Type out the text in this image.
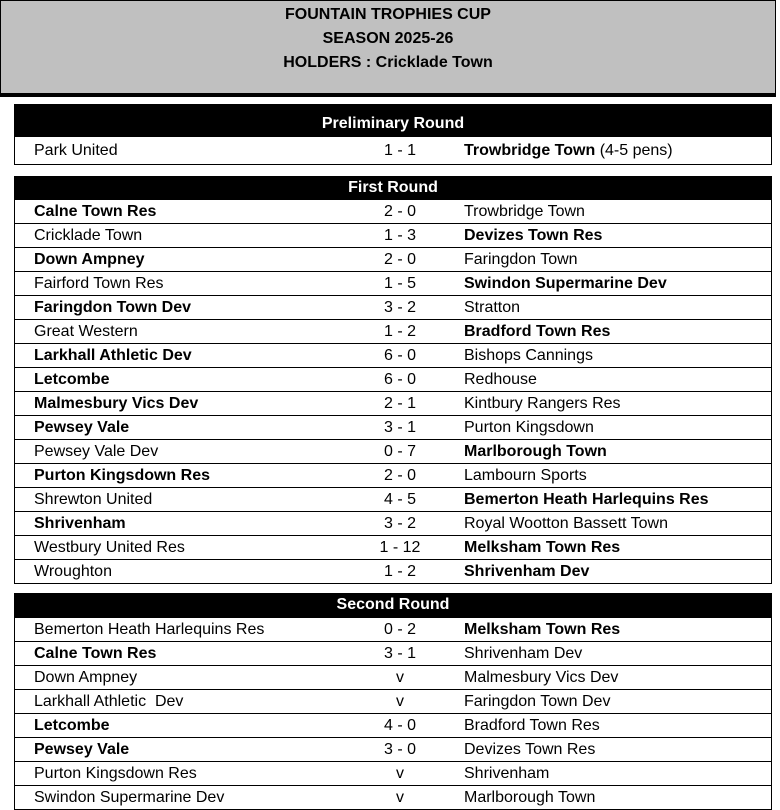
FOUNTAIN TROPHIES CUP
SEASON 2025-26
HOLDERS : Cricklade Town
Preliminary Round
Park United	1 - 1	Trowbridge Town (4-5 pens)
First Round
Calne Town Res	2 - 0	Trowbridge Town
Cricklade Town	1 - 3	Devizes Town Res
Down Ampney	2 - 0	Faringdon Town
Fairford Town Res	1 - 5	Swindon Supermarine Dev
Faringdon Town Dev	3 - 2	Stratton
Great Western	1 - 2	Bradford Town Res
Larkhall Athletic Dev	6 - 0	Bishops Cannings
Letcombe	6 - 0	Redhouse
Malmesbury Vics Dev	2 - 1	Kintbury Rangers Res
Pewsey Vale	3 - 1	Purton Kingsdown
Pewsey Vale Dev	0 - 7	Marlborough Town
Purton Kingsdown Res	2 - 0	Lambourn Sports
Shrewton United	4 - 5	Bemerton Heath Harlequins Res
Shrivenham	3 - 2	Royal Wootton Bassett Town
Westbury United Res	1 - 12	Melksham Town Res
Wroughton	1 - 2	Shrivenham Dev
Second Round
Bemerton Heath Harlequins Res	0 - 2	Melksham Town Res
Calne Town Res	3 - 1	Shrivenham Dev
Down Ampney	v	Malmesbury Vics Dev
Larkhall Athletic  Dev	v	Faringdon Town Dev
Letcombe	4 - 0	Bradford Town Res
Pewsey Vale	3 - 0	Devizes Town Res
Purton Kingsdown Res	v	Shrivenham
Swindon Supermarine Dev	v	Marlborough Town
